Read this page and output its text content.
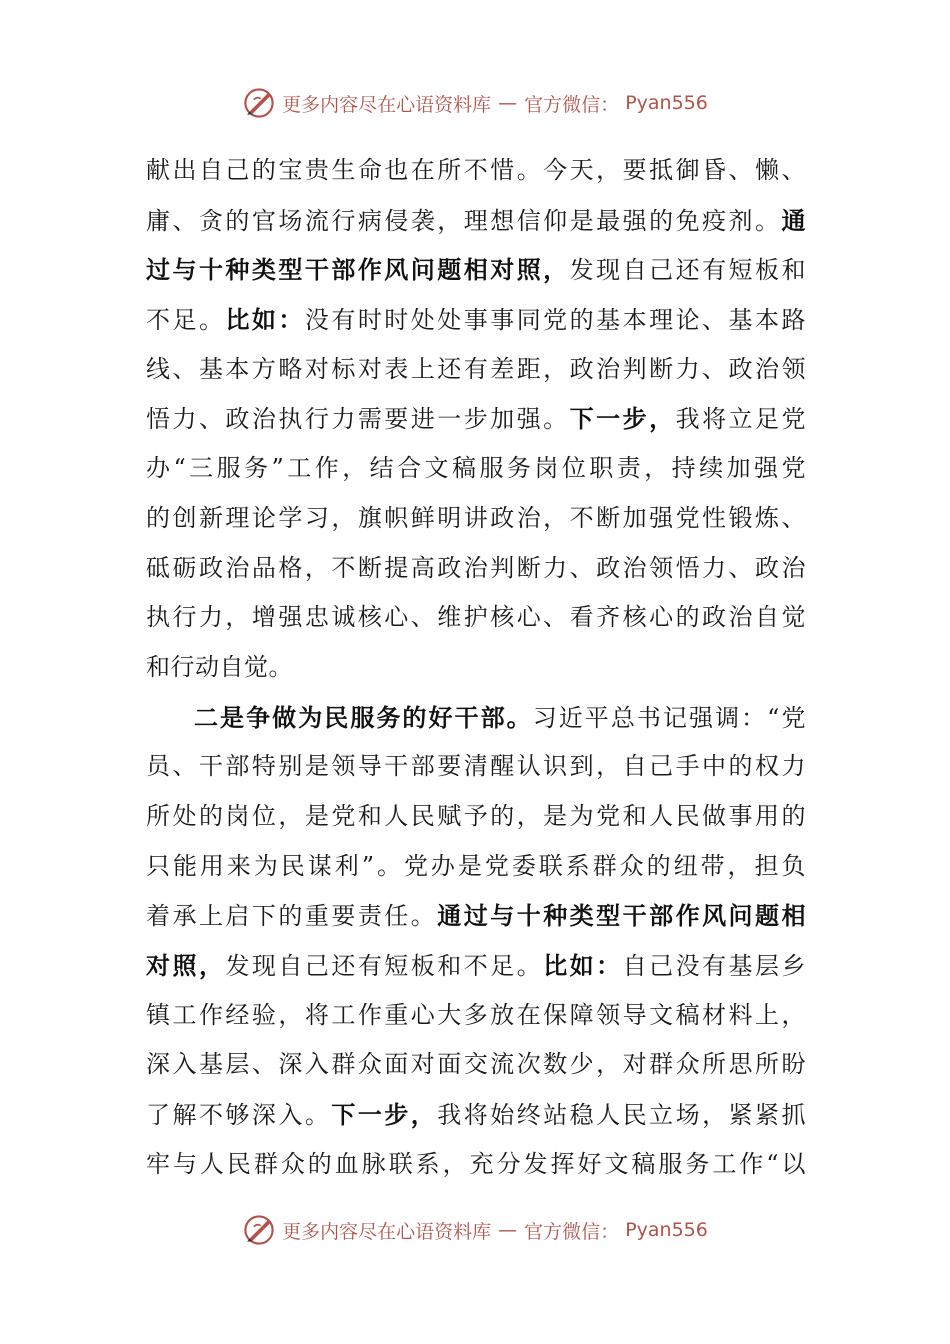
更多内容尽在心语资料库 — 官方微信： Pyan556
献出自己的宝贵生命也在所不惜。今天，要抵御昏、懒、
庸、贪的官场流行病侵袭，理想信仰是最强的免疫剂。通
过与十种类型干部作风问题相对照，发现自己还有短板和
不足。比如：没有时时处处事事同党的基本理论、基本路
线、基本方略对标对表上还有差距，政治判断力、政治领
悟力、政治执行力需要进一步加强。下一步，我将立足党
办“三服务”工作，结合文稿服务岗位职责，持续加强党
的创新理论学习，旗帜鲜明讲政治，不断加强党性锻炼、
砥砺政治品格，不断提高政治判断力、政治领悟力、政治
执行力，增强忠诚核心、维护核心、看齐核心的政治自觉
和行动自觉。
二是争做为民服务的好干部。习近平总书记强调：“党
员、干部特别是领导干部要清醒认识到，自己手中的权力
所处的岗位，是党和人民赋予的，是为党和人民做事用的
只能用来为民谋利”。党办是党委联系群众的纽带，担负
着承上启下的重要责任。通过与十种类型干部作风问题相
对照，发现自己还有短板和不足。比如：自己没有基层乡
镇工作经验，将工作重心大多放在保障领导文稿材料上，
深入基层、深入群众面对面交流次数少，对群众所思所盼
了解不够深入。下一步，我将始终站稳人民立场，紧紧抓
牢与人民群众的血脉联系，充分发挥好文稿服务工作“以
更多内容尽在心语资料库 — 官方微信： Pyan556
